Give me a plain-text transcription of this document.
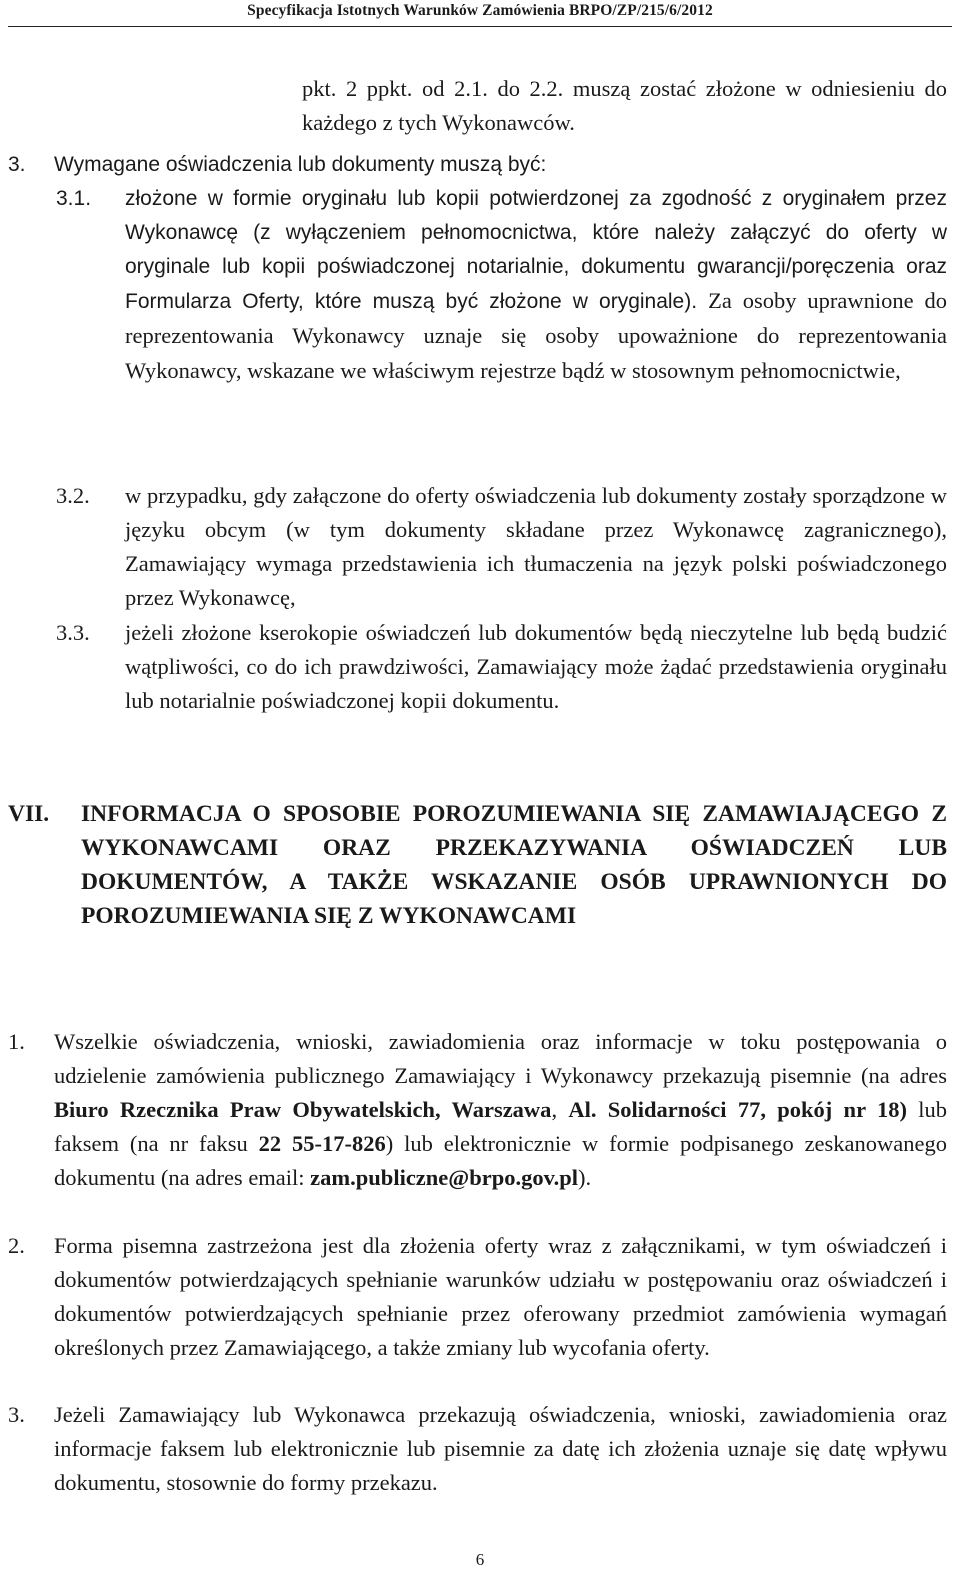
Specyfikacja Istotnych Warunków Zamówienia BRPO/ZP/215/6/2012
pkt. 2 ppkt. od 2.1. do 2.2. muszą zostać złożone w odniesieniu do każdego z tych Wykonawców.
3. Wymagane oświadczenia lub dokumenty muszą być:
3.1. złożone w formie oryginału lub kopii potwierdzonej za zgodność z oryginałem przez Wykonawcę (z wyłączeniem pełnomocnictwa, które należy załączyć do oferty w oryginale lub kopii poświadczonej notarialnie, dokumentu gwarancji/poręczenia oraz Formularza Oferty, które muszą być złożone w oryginale). Za osoby uprawnione do reprezentowania Wykonawcy uznaje się osoby upoważnione do reprezentowania Wykonawcy, wskazane we właściwym rejestrze bądź w stosownym pełnomocnictwie,
3.2. w przypadku, gdy załączone do oferty oświadczenia lub dokumenty zostały sporządzone w języku obcym (w tym dokumenty składane przez Wykonawcę zagranicznego), Zamawiający wymaga przedstawienia ich tłumaczenia na język polski poświadczonego przez Wykonawcę,
3.3. jeżeli złożone kserokopie oświadczeń lub dokumentów będą nieczytelne lub będą budzić wątpliwości, co do ich prawdziwości, Zamawiający może żądać przedstawienia oryginału lub notarialnie poświadczonej kopii dokumentu.
VII. INFORMACJA O SPOSOBIE POROZUMIEWANIA SIĘ ZAMAWIAJĄCEGO Z WYKONAWCAMI ORAZ PRZEKAZYWANIA OŚWIADCZEŃ LUB DOKUMENTÓW, A TAKŻE WSKAZANIE OSÓB UPRAWNIONYCH DO POROZUMIEWANIA SIĘ Z WYKONAWCAMI
1. Wszelkie oświadczenia, wnioski, zawiadomienia oraz informacje w toku postępowania o udzielenie zamówienia publicznego Zamawiający i Wykonawcy przekazują pisemnie (na adres Biuro Rzecznika Praw Obywatelskich, Warszawa, Al. Solidarności 77, pokój nr 18) lub faksem (na nr faksu 22 55-17-826) lub elektronicznie w formie podpisanego zeskanowanego dokumentu (na adres email: zam.publiczne@brpo.gov.pl).
2. Forma pisemna zastrzeżona jest dla złożenia oferty wraz z załącznikami, w tym oświadczeń i dokumentów potwierdzających spełnianie warunków udziału w postępowaniu oraz oświadczeń i dokumentów potwierdzających spełnianie przez oferowany przedmiot zamówienia wymagań określonych przez Zamawiającego, a także zmiany lub wycofania oferty.
3. Jeżeli Zamawiający lub Wykonawca przekazują oświadczenia, wnioski, zawiadomienia oraz informacje faksem lub elektronicznie lub pisemnie za datę ich złożenia uznaje się datę wpływu dokumentu, stosownie do formy przekazu.
6
